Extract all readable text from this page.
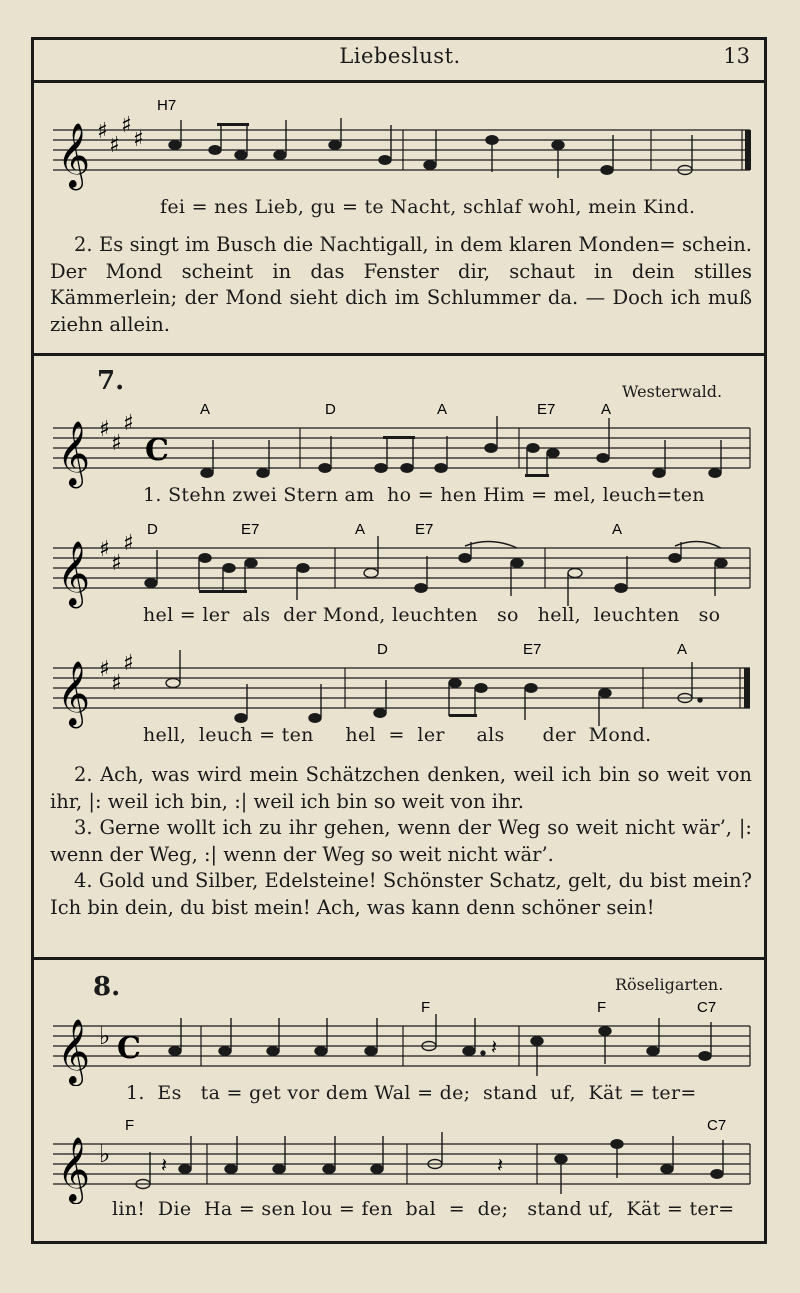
Liebeslust.	13
H7
𝄞 ♯
♯
♯
♯
fei = nes Lieb, gu = te Nacht, schlaf wohl, mein Kind.

2. Es singt im Busch die Nachtigall, in dem klaren Monden= schein. Der Mond scheint in das Fenster dir, schaut in dein stilles Kämmerlein; der Mond sieht dich im Schlummer da. — Doch ich muß ziehn allein.

7.	Westerwald.
A	D	A	E7	A
𝄞 ♯
♯
♯
C
1. Stehn zwei Stern am  ho = hen Him = mel, leuch=ten
D	E7	A	E7	A
𝄞 ♯
♯
♯
hel = ler  als  der Mond, leuchten   so   hell,  leuchten   so
D	E7	A
𝄞 ♯
♯
♯
hell,  leuch = ten     hel  =  ler     als      der  Mond.

2. Ach, was wird mein Schätzchen denken, weil ich bin so weit von ihr, |: weil ich bin, :| weil ich bin so weit von ihr.

3. Gerne wollt ich zu ihr gehen, wenn der Weg so weit nicht wär’, |: wenn der Weg, :| wenn der Weg so weit nicht wär’.

4. Gold und Silber, Edelsteine! Schönster Schatz, gelt, du bist mein? Ich bin dein, du bist mein! Ach, was kann denn schöner sein!

8.	Röseligarten.
F	F	C7
𝄞 ♭ C	𝄽
1.  Es   ta = get vor dem Wal = de;  stand  uf,  Kät = ter=
F	C7
𝄞 ♭	𝄽	𝄽
lin!  Die  Ha = sen lou = fen  bal  =  de;   stand uf,  Kät = ter=
